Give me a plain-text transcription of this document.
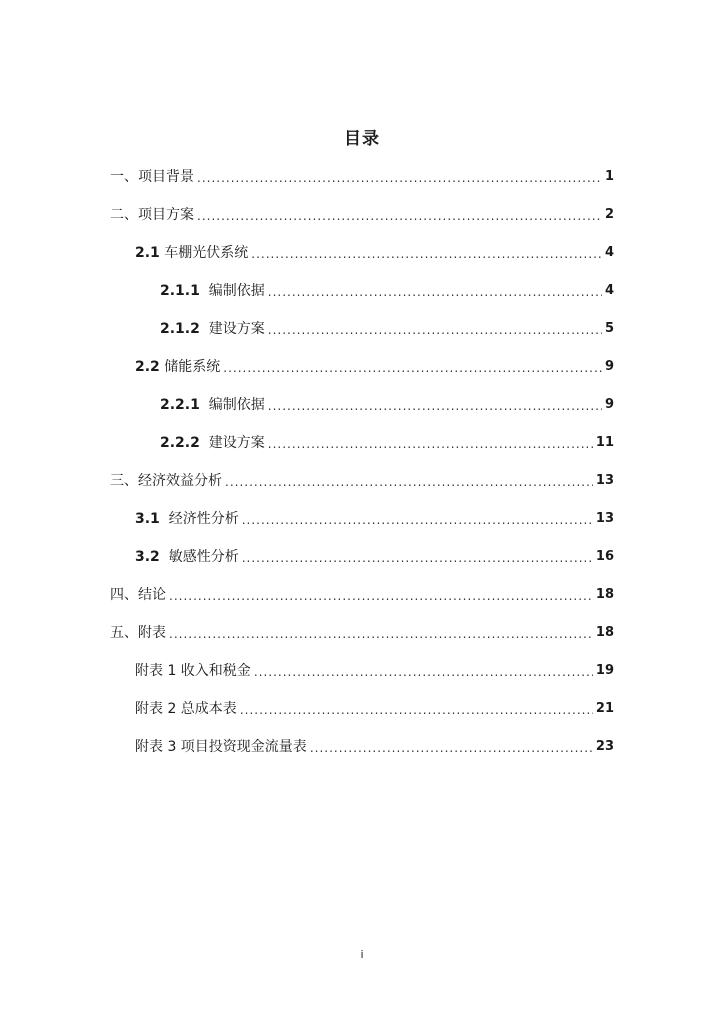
目录
一、项目背景 .....	1
二、项目方案 .....	2
2.1 车棚光伏系统 .....	4
2.1.1 编制依据 .....	4
2.1.2 建设方案 .....	5
2.2 储能系统 .....	9
2.2.1 编制依据 .....	9
2.2.2 建设方案 .....	11
三、经济效益分析 .....	13
3.1 经济性分析 .....	13
3.2 敏感性分析 .....	16
四、结论 .....	18
五、附表 .....	18
附表 1 收入和税金 .....	19
附表 2 总成本表 .....	21
附表 3 项目投资现金流量表 .....	23
i
